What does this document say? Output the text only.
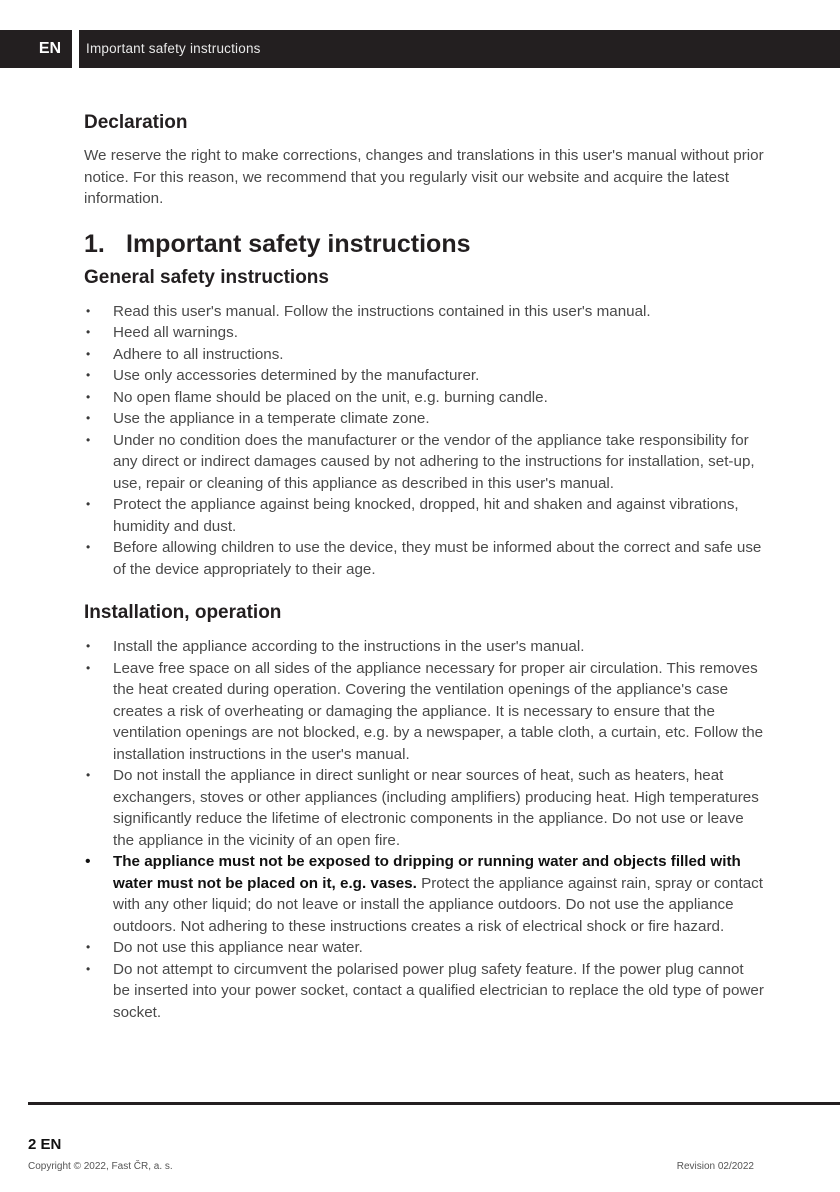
EN	Important safety instructions
Declaration

We reserve the right to make corrections, changes and translations in this user's manual without prior notice. For this reason, we recommend that you regularly visit our website and acquire the latest information.

1. Important safety instructions
General safety instructions
• Read this user's manual. Follow the instructions contained in this user's manual.
• Heed all warnings.
• Adhere to all instructions.
• Use only accessories determined by the manufacturer.
• No open flame should be placed on the unit, e.g. burning candle.
• Use the appliance in a temperate climate zone.
• Under no condition does the manufacturer or the vendor of the appliance take responsibility for any direct or indirect damages caused by not adhering to the instructions for installation, set-up, use, repair or cleaning of this appliance as described in this user's manual.
• Protect the appliance against being knocked, dropped, hit and shaken and against vibrations, humidity and dust.
• Before allowing children to use the device, they must be informed about the correct and safe use of the device appropriately to their age.
Installation, operation
• Install the appliance according to the instructions in the user's manual.
• Leave free space on all sides of the appliance necessary for proper air circulation. This removes the heat created during operation. Covering the ventilation openings of the appliance's case creates a risk of overheating or damaging the appliance. It is necessary to ensure that the ventilation openings are not blocked, e.g. by a newspaper, a table cloth, a curtain, etc. Follow the installation instructions in the user's manual.
• Do not install the appliance in direct sunlight or near sources of heat, such as heaters, heat exchangers, stoves or other appliances (including amplifiers) producing heat. High temperatures significantly reduce the lifetime of electronic components in the appliance. Do not use or leave the appliance in the vicinity of an open fire.
• The appliance must not be exposed to dripping or running water and objects filled with water must not be placed on it, e.g. vases. Protect the appliance against rain, spray or contact with any other liquid; do not leave or install the appliance outdoors. Do not use the appliance outdoors. Not adhering to these instructions creates a risk of electrical shock or fire hazard.
• Do not use this appliance near water.
• Do not attempt to circumvent the polarised power plug safety feature. If the power plug cannot be inserted into your power socket, contact a qualified electrician to replace the old type of power socket.
2 EN
Copyright © 2022, Fast ČR, a. s.	Revision 02/2022
